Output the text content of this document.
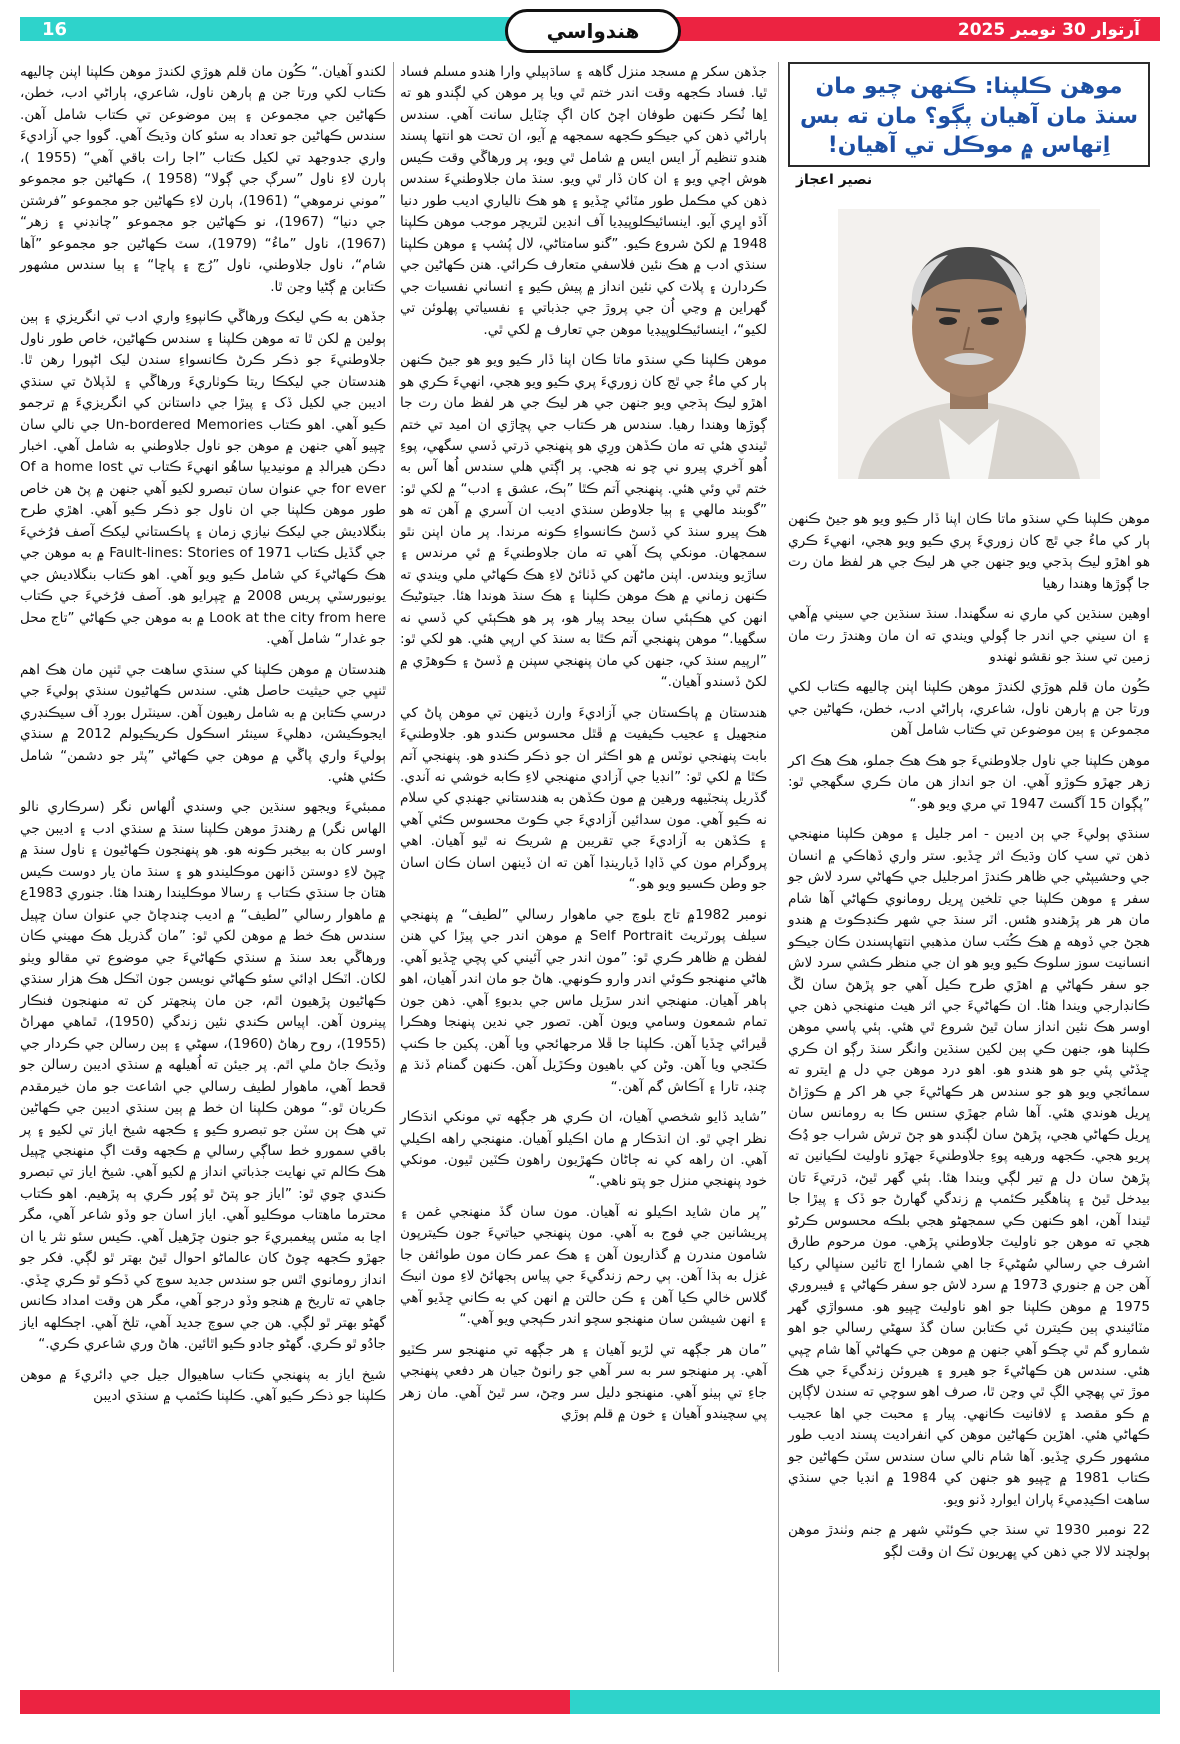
16	هندواسي	آرتوار 30 نومبر 2025
موهن ڪلپنا: ڪنهن چيو مان سنڌ مان آهيان پڳو؟ مان ته بس اِتهاس ۾ موڪل تي آهيان!
نصير اعجاز

موهن ڪلپنا ڪي سنڌو ماتا ڪان اپنا ڏار ڪيو ويو هو جيڻ ڪنهن ٻار کي ماءُ جي ٿڃ کان زوريءَ پري ڪيو ويو هجي، انهيءَ ڪري هو اهڙو ليڪ ٻڌجي ويو جنهن جي هر ليڪ جي هر لفظ مان رت جا ڳوڙها وهندا رهيا

اوهين سنڌين کي ماري نه سگهندا. سنڌ سنڌين جي سيني ۾آهي ۽ ان سيني جي اندر جا ڳولي ويندي ته ان مان وهندڙ رت مان زمين تي سنڌ جو نقشو ٺهندو

ڪُون مان قلم هوڙي لکندڙ موهن ڪلپنا اپنن چاليهه ڪتاب لکي ورتا جن ۾ ٻارهن ناول، شاعري، ٻاراڻي ادب، خطن، ڪهاڻين جي مجموعن ۽ ٻين موضوعن تي ڪتاب شامل آهن

موهن ڪلپنا جي ناول جلاوطنيءَ جو هڪ هڪ جملو، هڪ هڪ اکر زهر جهڙو ڪوڙو آهي. ان جو انداز هن مان ڪري سگهجي ٿو: ”پڳوان 15 آگسٽ 1947 تي مري ويو هو.“

سنڌي ٻوليءَ جي ٻن اديبن - امر جليل ۽ موهن ڪلپنا منهنجي ذهن تي سڀ کان وڌيڪ اثر ڇڏيو. ستر واري ڏهاڪي ۾ انسان جي وحشيپڻي جي ظاهر ڪندڙ امرجليل جي ڪهاڻي سرد لاش جو سفر ۽ موهن ڪلپنا جي تلخين ڀريل رومانوي ڪهاڻي آها شام مان هر هر پڙهندو هئس. اٽر سنڌ جي شهر ڪنڊڪوٽ ۾ هندو هجڻ جي ڏوهه ۾ هڪ ڪُتب سان مذهبي انتهاپسندن ڪان جيڪو انسانيت سوز سلوڪ ڪيو ويو هو ان جي منظر ڪشي سرد لاش جو سفر ڪهاڻي ۾ اهڙي طرح ڪيل آهي جو پڙهڻ سان لڱ ڪانڊارجي ويندا هئا. ان ڪهاڻيءَ جي اثر هيٺ منهنجي ذهن جي اوسر هڪ نئين انداز سان ٿيڻ شروع ٿي هئي. ٻئي پاسي موهن ڪلپنا هو، جنهن ڪي ٻين لکين سنڌين وانگر سنڌ رڳو ان ڪري ڇڏڻي پئي جو هو هندو هو. اهو درد موهن جي دل ۾ ايترو ته سمائجي ويو هو جو سندس هر ڪهاڻيءَ جي هر اکر ۾ ڪوڙاڻ ڀريل هوندي هئي. آها شام جهڙي سنس ڪا به رومانس سان ڀريل ڪهاڻي هجي، پڙهڻ سان لڳندو هو ڄڻ ترش شراب جو ڍُڪ پريو هجي. ڪجهه ورهيه پوءِ جلاوطنيءَ جهڙو ناوليٽ لڪيانين ته پڙهڻ سان دل ۾ تير لڳي ويندا هئا. ٻئي گهر ٿيڻ، ڌرتيءَ تان بيدخل ٿيڻ ۽ پناهگير ڪئمپ ۾ زندگي گهارڻ جو ڏک ۽ پيڙا جا ٿيندا آهن، اهو ڪنهن ڪي سمجهڻو هجي بلڪه محسوس ڪرڻو هجي ته موهن جو ناوليٽ جلاوطني پڙهي. مون مرحوم طارق اشرف جي رسالي سُهڻيءَ جا اهي شمارا اڄ تائين سنڀالي رکيا آهن جن ۾ جنوري 1973 ۾ سرد لاش جو سفر ڪهاڻي ۽ فيبروري 1975 ۾ موهن ڪلپنا جو اهو ناوليٽ ڇپيو هو. مسواڙي گهر مٽائيندي ٻين ڪيترن ئي ڪتابن سان گڏ سهڻي رسالي جو اهو شمارو گم ٿي چڪو آهي جنهن ۾ موهن جي ڪهاڻي آها شام ڇپي هئي. سندس هن ڪهاڻيءَ جو هيرو ۽ هيروئن زندگيءَ جي هڪ موڙ تي پهچي الڳ ٿي وڃن ٿا، صرف اهو سوچي ته سندن لاڳاپن ۾ ڪو مقصد ۽ لافانيت ڪانهي. پيار ۽ محبت جي اها عجيب ڪهاڻي هئي. اهڙين ڪهاڻين موهن کي انفرادیت پسند اديب طور مشهور ڪري ڇڏيو. آها شام نالي سان سندس سٽن ڪهاڻين جو ڪتاب 1981 ۾ ڇپيو هو جنهن کي 1984 ۾ انڊيا جي سنڌي ساهت اڪيڊميءَ پاران ايوارڊ ڏنو ويو.

22 نومبر 1930 تي سنڌ جي ڪوئٽي شهر ۾ جنم وٺندڙ موهن ٻولچند لالا جي ذهن کي ڀهريون ٽڪ ان وقت لڳو

جڏهن سکر ۾ مسجد منزل گاهه ۽ ساڌٻيلي وارا هندو مسلم فساد ٿيا. فساد ڪجهه وقت اندر ختم ٿي ويا پر موهن کي لڳندو هو ته اِها ٺُڪر ڪنهن طوفان اچڻ کان اڳ چٽايل سانت آهي. سندس ٻاراڻي ذهن کي جيڪو ڪجهه سمجهه ۾ آيو، ان تحت هو انتها پسند هندو تنظيم آر ايس ايس ۾ شامل ٿي ويو، پر ورهاڱي وقت ڪيس هوش اچي ويو ۽ ان کان ڏار ٿي ويو. سنڌ مان جلاوطنيءَ سندس ذهن کي مڪمل طور مٽائي ڇڏيو ۽ هو هڪ نالياري اديب طور دنيا آڏو اڀري آيو. اينسائيڪلوپيڊيا آف انڊين لٽريچر موجب موهن ڪلپنا 1948 ۾ لکڻ شروع ڪيو. ”گنو سامتاڻي، لال پُشپ ۽ موهن ڪلپنا سنڌي ادب ۾ هڪ نئين فلاسفي متعارف ڪرائي. هنن ڪهاڻين جي ڪردارن ۽ پلاٽ کي نئين انداز ۾ پيش ڪيو ۽ انساني نفسيات جي گهراين ۾ وڃي اُن جي پروڙ جي جذباتي ۽ نفسياتي پهلوئن تي لکيو“، اينسائيڪلوپيڊيا موهن جي تعارف ۾ لکي ٿي.

موهن ڪلپنا ڪي سنڌو ماتا ڪان اپنا ڏار ڪيو ويو هو جيڻ ڪنهن ٻار کي ماءُ جي ٿڃ کان زوريءَ پري ڪيو ويو هجي، انهيءَ ڪري هو اهڙو ليڪ ٻڌجي ويو جنهن جي هر ليڪ جي هر لفظ مان رت جا ڳوڙها وهندا رهيا. سندس هر ڪتاب جي پڇاڙي ان اميد تي ختم ٿيندي هئي ته مان ڪڏهن ورِي هو پنهنجي ڌرتي ڏسي سگهي، پوءِ اُهو آخري پيرو ني چو نه هجي. پر اڳتي هلي سندس اُها آس به ختم ٿي وئي هئي. پنهنجي آتم ڪٿا ”ٻڪ، عشق ۽ ادب“ ۾ لکي ٿو: ”گوبند مالهي ۽ ٻيا جلاوطن سنڌي اديب ان آسري ۾ آهن ته هو هڪ پيرو سنڌ کي ڏسڻ ڪانسواءِ ڪونه مرندا. پر مان اپنن نٿو سمجهان. مونکي پڪ آهي ته مان جلاوطنيءَ ۾ ئي مرندس ۽ ساڙيو ويندس. اپنن ماڻهن کي ڏٺائڻ لاءِ هڪ ڪهاڻي ملي ويندي ته ڪنهن زماني ۾ هڪ موهن ڪلپنا ۽ هڪ سنڌ هوندا هئا. جيتوڻيڪ انهن کي هڪٻئي سان بيحد پيار هو، پر هو هڪٻئي کي ڏسي نه سگهيا.“ موهن پنهنجي آتم ڪٿا به سنڌ کي ارپي هئي. هو لکي ٿو: ”ارپيم سنڌ کي، جنهن کي مان پنهنجي سپنن ۾ ڏسڻ ۽ ڪوهڙي ۾ لکڻ ڏسندو آهيان.“

هندستان ۾ پاڪستان جي آزاديءَ وارن ڏينهن تي موهن پاڻ کي منجهيل ۽ عجيب ڪيفيت ۾ ڦٿل محسوس ڪندو هو. جلاوطنيءَ بابت پنهنجي نوٽس ۾ هو اڪثر ان جو ذڪر ڪندو هو. پنهنجي آتم ڪٿا ۾ لکي ٿو: ”انڊيا جي آزادي منهنجي لاءِ ڪابه خوشي نه آندي. گڏريل پنجٽيهه ورهين ۾ مون ڪڏهن به هندستاني جهنڊي کي سلام نه ڪيو آهي. مون سدائين آزاديءَ جي ڪوٽ محسوس ڪئي آهي ۽ ڪڏهن به آزاديءَ جي تقريبن ۾ شريڪ نه ٿيو آهيان. اهي پروگرام مون کي ڏاڍا ڏيارينڊا آهن ته ان ڏينهن اسان ڪان اسان جو وطن ڪسيو ويو هو.“

نومبر 1982۾ تاج بلوچ جي ماهوار رسالي ”لطيف“ ۾ پنهنجي سيلف پورٽريٽ Self Portrait ۾ موهن اندر جي پيڙا کي هنن لفظن ۾ ظاهر ڪري ٿو: ”مون اندر جي آئيني کي پچي ڇڏيو آهي. هاڻي منهنجو ڪوئي اندر وارو ڪونهي. هاڻ جو مان اندر آهيان، اهو ٻاهر آهيان. منهنجي اندر سڙيل ماس جي بدبوءِ آهي. ذهن جون تمام شمعون وسامي ويون آهن. تصور جي ندين پنهنجا وهڪرا ڦيرائي ڇڏيا آهن. ڪلپنا جا ڦلا مرجهائجي ويا آهن. پکين جا ڪنپ ڪٽجي ويا آهن. وڻن کي باهيون وڪڙيل آهن. ڪنهن گمنام ڏنڌ ۾ چنڊ، تارا ۽ آڪاش گم آهن.“

”شايد ڏايو شخصي آهيان، ان ڪري هر جڳهه تي مونکي انڌڪار نظر اچي ٿو. ان انڌڪار ۾ مان اڪيلو آهيان. منهنجي راهه اڪيلي آهي. ان راهه کي نه ڄاڻان ڪهڙيون راهون ڪٽين ٿيون. مونکي خود پنهنجي منزل جو پتو ناهي.“

”پر مان شايد اڪيلو نه آهيان. مون سان گڏ منهنجي غمن ۽ پريشانين جي فوج به آهي. مون پنهنجي حياتيءَ جون ڪيترپون شامون مندرن ۾ گذاريون آهن ۽ هڪ عمر ڪان مون طوائفن جا غزل به ٻڌا آهن. ٻي رحم زندگيءَ جي پياس ٻجهائڻ لاءِ مون انيڪ گلاس خالي ڪيا آهن ۽ ڪن حالتن ۾ انهن کي به ڪاني ڇڏيو آهي ۽ انهن شيشن سان منهنجو سچو اندر ڪپجي ويو آهي.“

”مان هر جڳهه تي لڙيو آهيان ۽ هر جڳهه تي منهنجو سر ڪٽيو آهي. پر منهنجو سر به سر آهي جو رانوڻ جيان هر دفعي پنهنجي جاءِ تي ٻيٺو آهي. منهنجو دليل سر وڃڻ، سر ٿيڻ آهي. مان زهر پي سچيندو آهيان ۽ خون ۾ قلم ٻوڙي

لکندو آهيان.“ ڪُون مان قلم هوڙي لکندڙ موهن ڪلپنا اپنن چاليهه ڪتاب لکي ورتا جن ۾ ٻارهن ناول، شاعري، ٻاراڻي ادب، خطن، ڪهاڻين جي مجموعن ۽ ٻين موضوعن تي ڪتاب شامل آهن. سندس ڪهاڻين جو تعداد به سئو کان وڌيڪ آهي. گووا جي آزاديءَ واري جدوجهد تي لکيل ڪتاب ”اجا رات باقي آهي“ (1955 )، ٻارن لاءِ ناول ”سرڳ جي ڳولا“ (1958 )، ڪهاڻين جو مجموعو ”موني نرموهي“ (1961)، ٻارن لاءِ ڪهاڻين جو مجموعو ”فرشتن جي دنيا“ (1967)، نو ڪهاڻين جو مجموعو ”چانڊني ۽ زهر“ (1967)، ناول ”ماءُ“ (1979)، سٽ ڪهاڻين جو مجموعو ”آها شام“، ناول جلاوطني، ناول ”رُڃ ۽ پاڇا“ ۽ ٻيا سندس مشهور ڪتابن ۾ ڳڻيا وڃن ٿا.

جڏهن به ڪي ليکڪ ورهاڱي ڪانپوءِ واري ادب تي انگريزي ۽ ٻين ٻولين ۾ لکن ٿا ته موهن ڪلپنا ۽ سندس ڪهاڻين، خاص طور ناول جلاوطنيءَ جو ذڪر ڪرڻ ڪانسواءِ سندن ليک اڻپورا رهن ٿا. هندستان جي ليکڪا ريتا ڪوٺاريءَ ورهاڱي ۽ لڏپلاڻ تي سنڌي اديبن جي لکيل ڏک ۽ پيڙا جي داستانن کي انگريزيءَ ۾ ترجمو ڪيو آهي. اهو ڪتاب Un-bordered Memories جي نالي سان ڇپيو آهي جنهن ۾ موهن جو ناول جلاوطني به شامل آهي. اخبار دڪن هيرالڊ ۾ مونيديپا ساهُو انهيءَ ڪتاب تي Of a home lost for ever جي عنوان سان تبصرو لکيو آهي جنهن ۾ پڻ هن خاص طور موهن ڪلپنا جي ان ناول جو ذڪر ڪيو آهي. اهڙي طرح بنگلاديش جي ليکڪ نيازي زمان ۽ پاڪستاني ليکڪ آصف فرُخيءَ جي گڏيل ڪتاب Fault-lines: Stories of 1971 ۾ به موهن جي هڪ ڪهاڻيءَ کي شامل ڪيو ويو آهي. اهو ڪتاب بنگلاديش جي يونيورسٽي پريس 2008 ۾ ڇپرايو هو. آصف فرُخيءَ جي ڪتاب Look at the city from here ۾ به موهن جي ڪهاڻي ”تاج محل جو غدار“ شامل آهي.

هندستان ۾ موهن ڪلپنا کي سنڌي ساهت جي ٿنڀن مان هڪ اهم ٿنڀي جي حيثيت حاصل هئي. سندس ڪهاڻيون سنڌي ٻوليءَ جي درسي ڪتابن ۾ به شامل رهيون آهن. سينٽرل بورڊ آف سيڪنڊري ايجوڪيشن، دهليءَ سينئر اسڪول ڪريڪيولم 2012 ۾ سنڌي ٻوليءَ واري پاڱي ۾ موهن جي ڪهاڻي ”پٿر جو دشمن“ شامل ڪئي هئي.

ممبئيءَ ويجهو سنڌين جي وسندي اُلهاس نگر (سرڪاري نالو الهاس نگر) ۾ رهندڙ موهن ڪلپنا سنڌ ۾ سنڌي ادب ۽ اديبن جي اوسر کان به بيخبر ڪونه هو. هو پنهنجون ڪهاڻيون ۽ ناول سنڌ ۾ ڇپڻ لاءِ دوستن ڏانهن موڪليندو هو ۽ سنڌ مان يار دوست ڪيس هتان جا سنڌي ڪتاب ۽ رسالا موڪليندا رهندا هئا. جنوري 1983ع ۾ ماهوار رسالي ”لطيف“ ۾ اديب چندچاڻ جي عنوان سان ڇپيل سندس هڪ خط ۾ موهن لکي ٿو: ”مان گذريل هڪ مهيني ڪان ورهاڱي بعد سنڌ ۾ سنڌي ڪهاڻيءَ جي موضوع تي مقالو ويٺو لکان. اٽڪل اڍائي سئو ڪهاڻي نويسن جون اٽڪل هڪ هزار سنڌي ڪهاڻيون پڙهيون اٿم، جن مان پنجهتر کن ته منهنجون فنڪار پينرون آهن. اپياس ڪندي نئين زندگي (1950)، ٿماهي مهراڻ (1955)، روح رهاڻ (1960)، سهڻي ۽ ٻين رسالن جي ڪردار جي وڏيڪ جاڻ ملي اٿم. پر جيئن ته اُهيلهه ۾ سنڌي اديبن رسالن جو قحط آهي، ماهوار لطيف رسالي جي اشاعت جو مان خيرمقدم ڪريان ٿو.“ موهن ڪلپنا ان خط ۾ ٻين سنڌي اديبن جي ڪهاڻين تي هڪ ٻن سٽن جو تبصرو ڪيو ۽ ڪجهه شيخ اياز تي لکيو ۽ پر باقي سمورو خط ساڳي رسالي ۾ ڪجهه وقت اڳ منهنجي ڇپيل هڪ ڪالم تي نهايت جذباتي انداز ۾ لکيو آهي. شيخ اياز تي تبصرو ڪندي چوي ٿو: ”اياز جو پتڻ ٿو پُور ڪري ٻه پڙهيم. اهو ڪتاب محترما ماهتاب موڪليو آهي. اياز اسان جو وڏو شاعر آهي، مگر اڃا به مٽس پيغمبريءَ جو جنون چڙهيل آهي. ڪيس سئو نثر يا ان جهڙو ڪجهه چوڻ کان عالماڻو احوال ٿيڻ بهتر ٿو لڳي. فکر جو انداز رومانوي اٿس جو سندس جديد سوچ کي ڏڪو ٿو ڪري ڇڏي. جاهي ته تاريخ ۾ هنجو وڏو درجو آهي، مگر هن وقت امداد ڪانس گهڻو بهتر ٿو لڳي. هن جي سوچ جديد آهي، تلخ آهي. اڄڪلهه اياز جادُو ٿو ڪري. گهڻو جادو ڪيو اٿائين. هاڻ وري شاعري ڪري.“

شيخ اياز به پنهنجي ڪتاب ساهيوال جيل جي ڊائريءَ ۾ موهن ڪلپنا جو ذڪر ڪيو آهي. ڪلپنا ڪئمپ ۾ سنڌي اديبن
